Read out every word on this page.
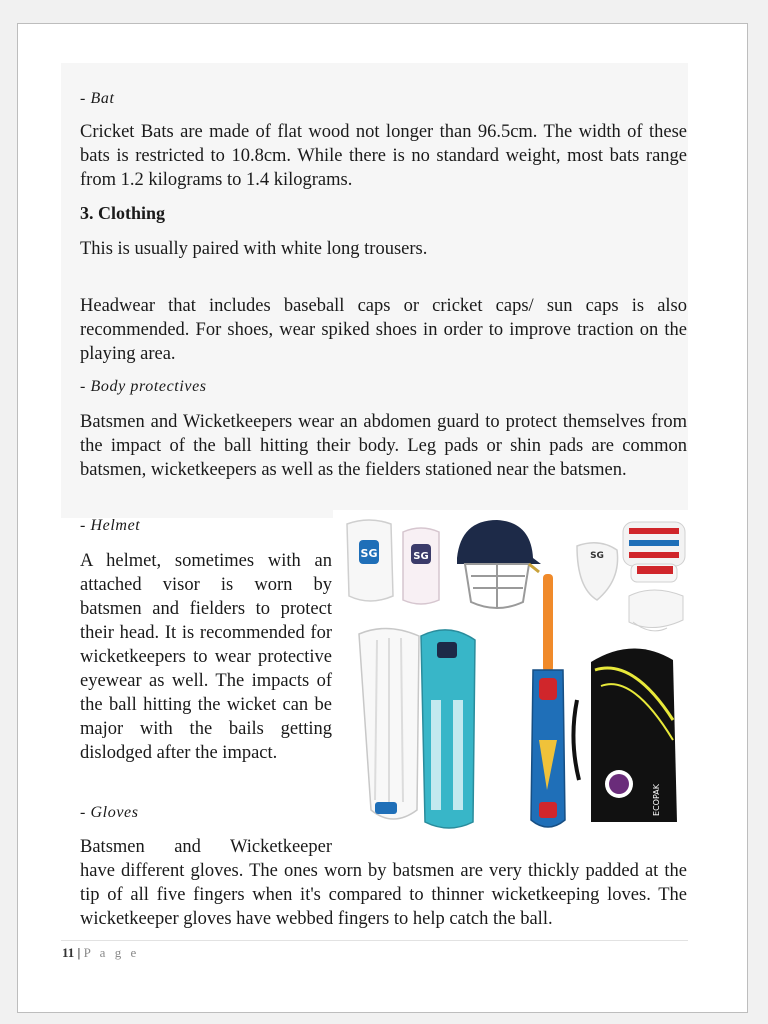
- Bat

Cricket Bats are made of flat wood not longer than 96.5cm. The width of these bats is restricted to 10.8cm. While there is no standard weight, most bats range from 1.2 kilograms to 1.4 kilograms.

3. Clothing

This is usually paired with white long trousers.

Headwear that includes baseball caps or cricket caps/ sun caps is also recommended. For shoes, wear spiked shoes in order to improve traction on the playing area.

- Body protectives

Batsmen and Wicketkeepers wear an abdomen guard to protect themselves from the impact of the ball hitting their body. Leg pads or shin pads are common batsmen, wicketkeepers as well as the fielders stationed near the batsmen.

- Helmet

A helmet, sometimes with an attached visor is worn by batsmen and fielders to protect their head. It is recommended for wicketkeepers to wear protective eyewear as well. The impacts of the ball hitting the wicket can be major with the bails getting dislodged after the impact.

- Gloves

Batsmen and Wicketkeeper

have different gloves. The ones worn by batsmen are very thickly padded at the tip of all five fingers when it's compared to thinner wicketkeeping loves. The wicketkeeper gloves have webbed fingers to help catch the ball.

SG	SG	SG
ECOPAK
11 | P a g e
